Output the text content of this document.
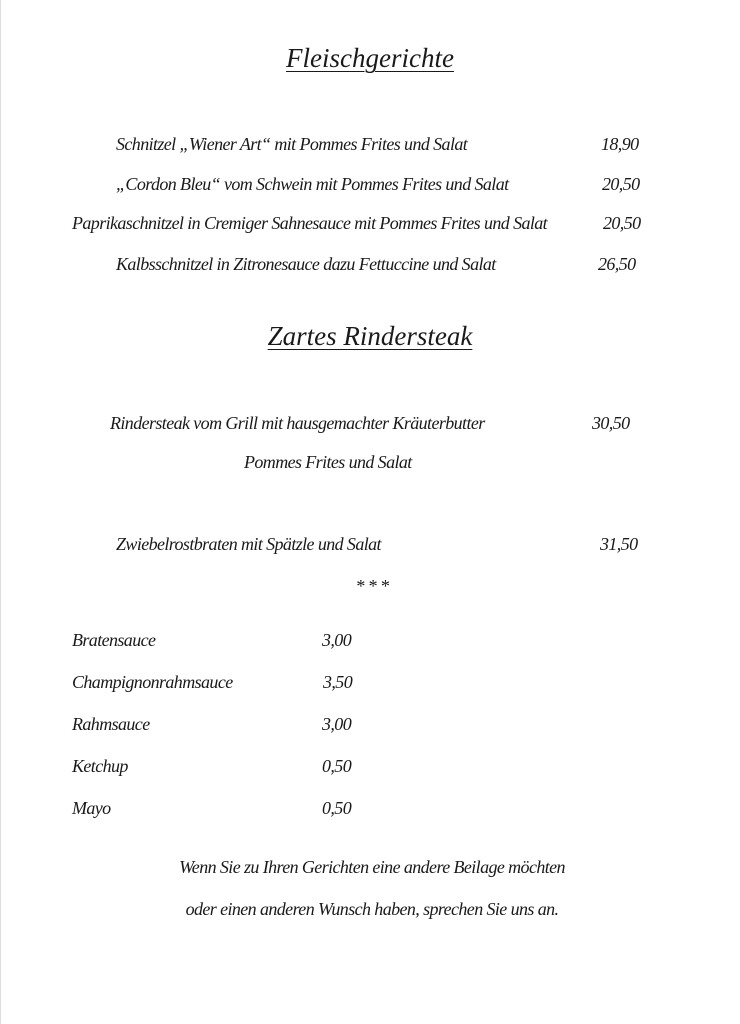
Fleischgerichte
Schnitzel „Wiener Art“ mit Pommes Frites und Salat	18,90
„Cordon Bleu“ vom Schwein mit Pommes Frites und Salat	20,50
Paprikaschnitzel in Cremiger Sahnesauce mit Pommes Frites und Salat	20,50
Kalbsschnitzel in Zitronesauce dazu Fettuccine und Salat	26,50
Zartes Rindersteak
Rindersteak vom Grill mit hausgemachter Kräuterbutter	30,50
Pommes Frites und Salat
Zwiebelrostbraten mit Spätzle und Salat	31,50
* * *
Bratensauce	3,00
Champignonrahmsauce	3,50
Rahmsauce	3,00
Ketchup	0,50
Mayo	0,50
Wenn Sie zu Ihren Gerichten eine andere Beilage möchten
oder einen anderen Wunsch haben, sprechen Sie uns an.
